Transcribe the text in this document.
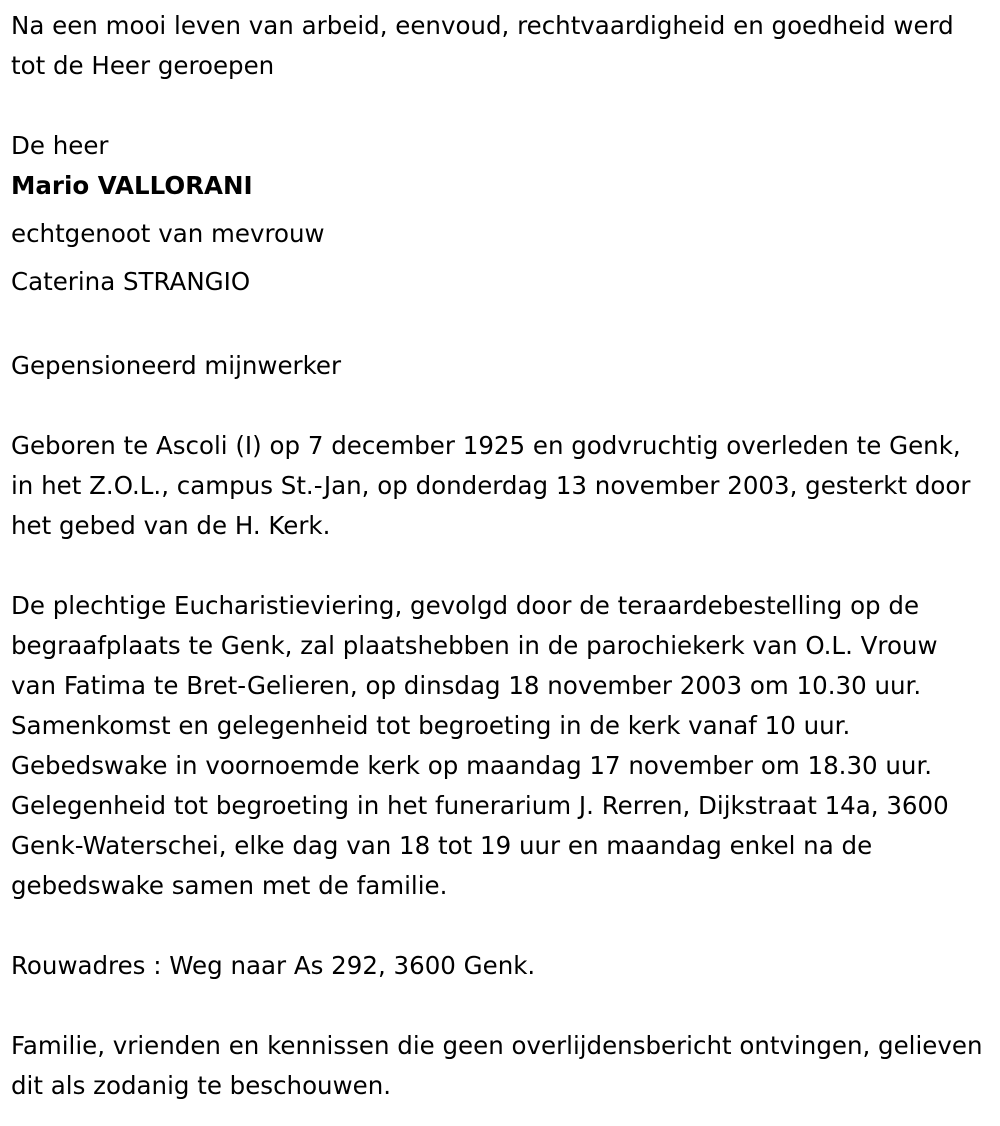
Na een mooi leven van arbeid, eenvoud, rechtvaardigheid en goedheid werd tot de Heer geroepen

De heer

Mario VALLORANI

echtgenoot van mevrouw

Caterina STRANGIO

Gepensioneerd mijnwerker

Geboren te Ascoli (I) op 7 december 1925 en godvruchtig overleden te Genk, in het Z.O.L., campus St.-Jan, op donderdag 13 november 2003, gesterkt door het gebed van de H. Kerk.

De plechtige Eucharistieviering, gevolgd door de teraardebestelling op de begraafplaats te Genk, zal plaatshebben in de parochiekerk van O.L. Vrouw van Fatima te Bret-Gelieren, op dinsdag 18 november 2003 om 10.30 uur. Samenkomst en gelegenheid tot begroeting in de kerk vanaf 10 uur. Gebedswake in voornoemde kerk op maandag 17 november om 18.30 uur. Gelegenheid tot begroeting in het funerarium J. Rerren, Dijkstraat 14a, 3600 Genk-Waterschei, elke dag van 18 tot 19 uur en maandag enkel na de gebedswake samen met de familie.

Rouwadres : Weg naar As 292, 3600 Genk.

Familie, vrienden en kennissen die geen overlijdensbericht ontvingen, gelieven dit als zodanig te beschouwen.
